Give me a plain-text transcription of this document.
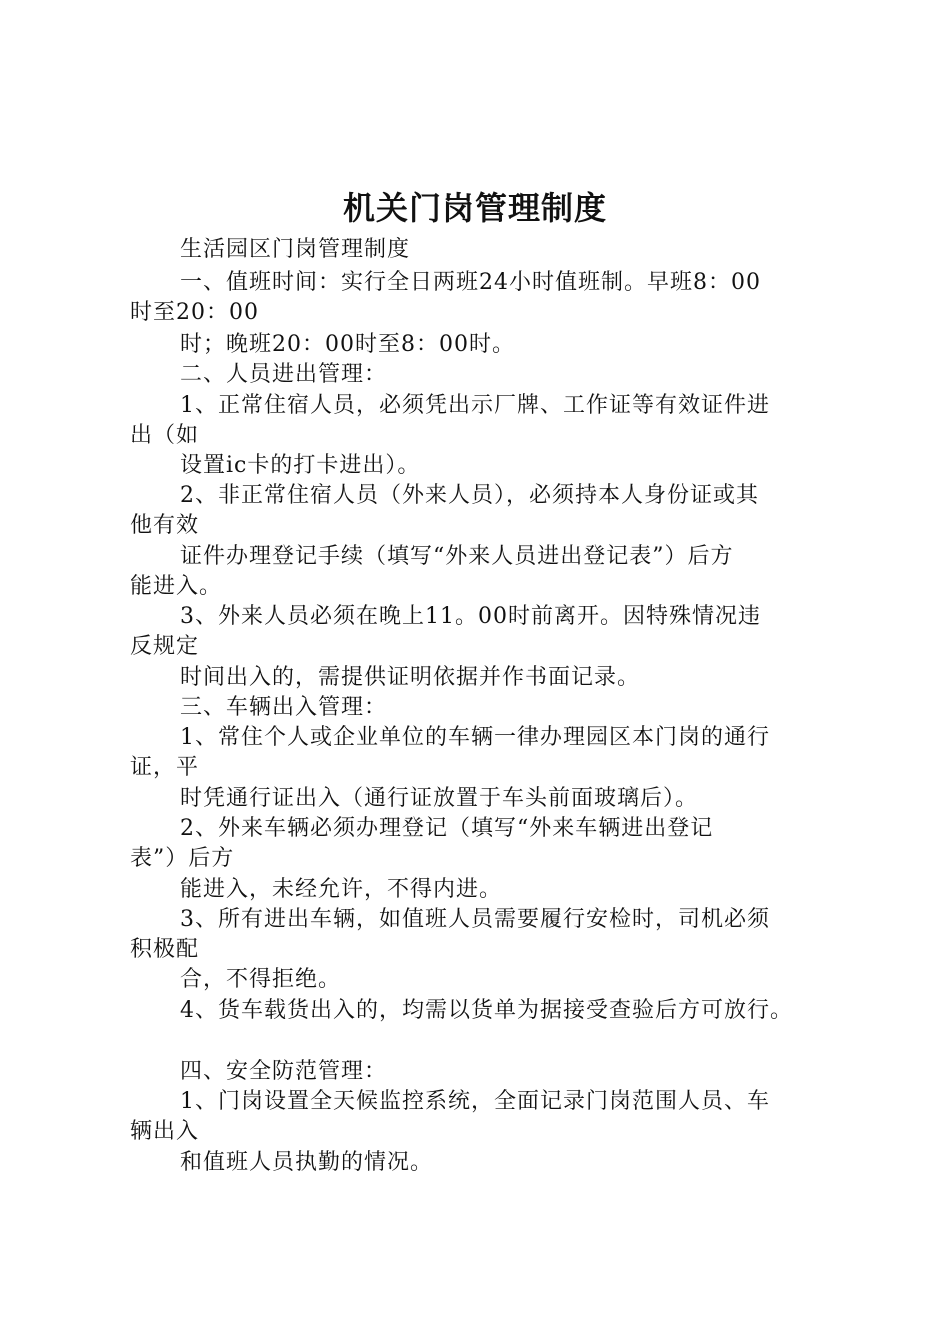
机关门岗管理制度
生活园区门岗管理制度
一、值班时间：实行全日两班24小时值班制。早班8：00
时至20：00
时；晚班20：00时至8：00时。
二、人员进出管理：
1、正常住宿人员，必须凭出示厂牌、工作证等有效证件进
出（如
设置ic卡的打卡进出）。
2、非正常住宿人员（外来人员），必须持本人身份证或其
他有效
证件办理登记手续（填写“外来人员进出登记表”）后方
能进入。
3、外来人员必须在晚上11。00时前离开。因特殊情况违
反规定
时间出入的，需提供证明依据并作书面记录。
三、车辆出入管理：
1、常住个人或企业单位的车辆一律办理园区本门岗的通行
证，平
时凭通行证出入（通行证放置于车头前面玻璃后）。
2、外来车辆必须办理登记（填写“外来车辆进出登记
表”）后方
能进入，未经允许，不得内进。
3、所有进出车辆，如值班人员需要履行安检时，司机必须
积极配
合，不得拒绝。
4、货车载货出入的，均需以货单为据接受查验后方可放行。
四、安全防范管理：
1、门岗设置全天候监控系统，全面记录门岗范围人员、车
辆出入
和值班人员执勤的情况。
